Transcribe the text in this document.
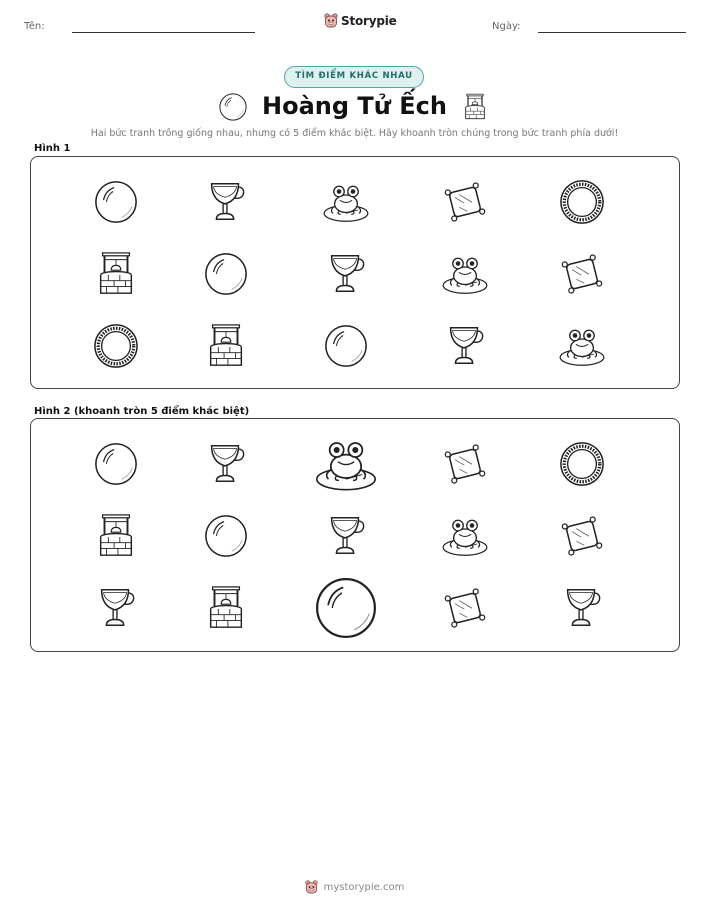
Tên:	Storypie	Ngày:
TÌM ĐIỂM KHÁC NHAU
Hoàng Tử Ếch
Hai bức tranh trông giống nhau, nhưng có 5 điểm khác biệt. Hãy khoanh tròn chúng trong bức tranh phía dưới!
Hình 1
Hình 2 (khoanh tròn 5 điểm khác biệt)
mystorypie.com
